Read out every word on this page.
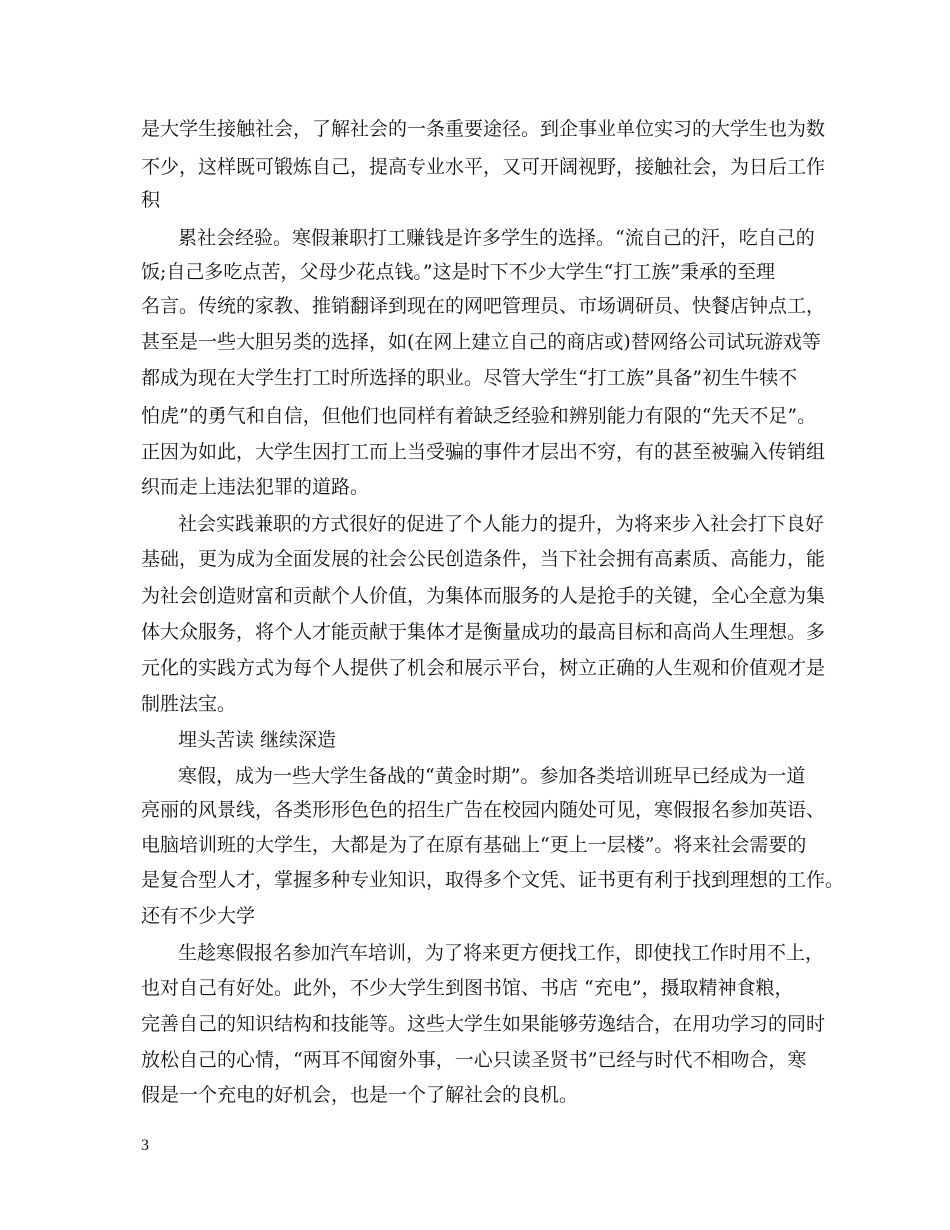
是大学生接触社会，了解社会的一条重要途径。到企事业单位实习的大学生也为数
不少，这样既可锻炼自己，提高专业水平，又可开阔视野，接触社会，为日后工作
积
累社会经验。寒假兼职打工赚钱是许多学生的选择。“流自己的汗，吃自己的
饭;自己多吃点苦，父母少花点钱。”这是时下不少大学生“打工族”秉承的至理
名言。传统的家教、推销翻译到现在的网吧管理员、市场调研员、快餐店钟点工，
甚至是一些大胆另类的选择，如(在网上建立自己的商店或)替网络公司试玩游戏等
都成为现在大学生打工时所选择的职业。尽管大学生“打工族”具备”初生牛犊不
怕虎”的勇气和自信，但他们也同样有着缺乏经验和辨别能力有限的“先天不足”。
正因为如此，大学生因打工而上当受骗的事件才层出不穷，有的甚至被骗入传销组
织而走上违法犯罪的道路。
社会实践兼职的方式很好的促进了个人能力的提升，为将来步入社会打下良好
基础，更为成为全面发展的社会公民创造条件，当下社会拥有高素质、高能力，能
为社会创造财富和贡献个人价值，为集体而服务的人是抢手的关键，全心全意为集
体大众服务，将个人才能贡献于集体才是衡量成功的最高目标和高尚人生理想。多
元化的实践方式为每个人提供了机会和展示平台，树立正确的人生观和价值观才是
制胜法宝。
埋头苦读 继续深造
寒假，成为一些大学生备战的“黄金时期”。参加各类培训班早已经成为一道
亮丽的风景线，各类形形色色的招生广告在校园内随处可见，寒假报名参加英语、
电脑培训班的大学生，大都是为了在原有基础上“更上一层楼”。将来社会需要的
是复合型人才，掌握多种专业知识，取得多个文凭、证书更有利于找到理想的工作。
还有不少大学
生趁寒假报名参加汽车培训，为了将来更方便找工作，即使找工作时用不上，
也对自己有好处。此外，不少大学生到图书馆、书店 “充电”，摄取精神食粮，
完善自己的知识结构和技能等。这些大学生如果能够劳逸结合，在用功学习的同时
放松自己的心情，“两耳不闻窗外事，一心只读圣贤书”已经与时代不相吻合，寒
假是一个充电的好机会，也是一个了解社会的良机。
3
